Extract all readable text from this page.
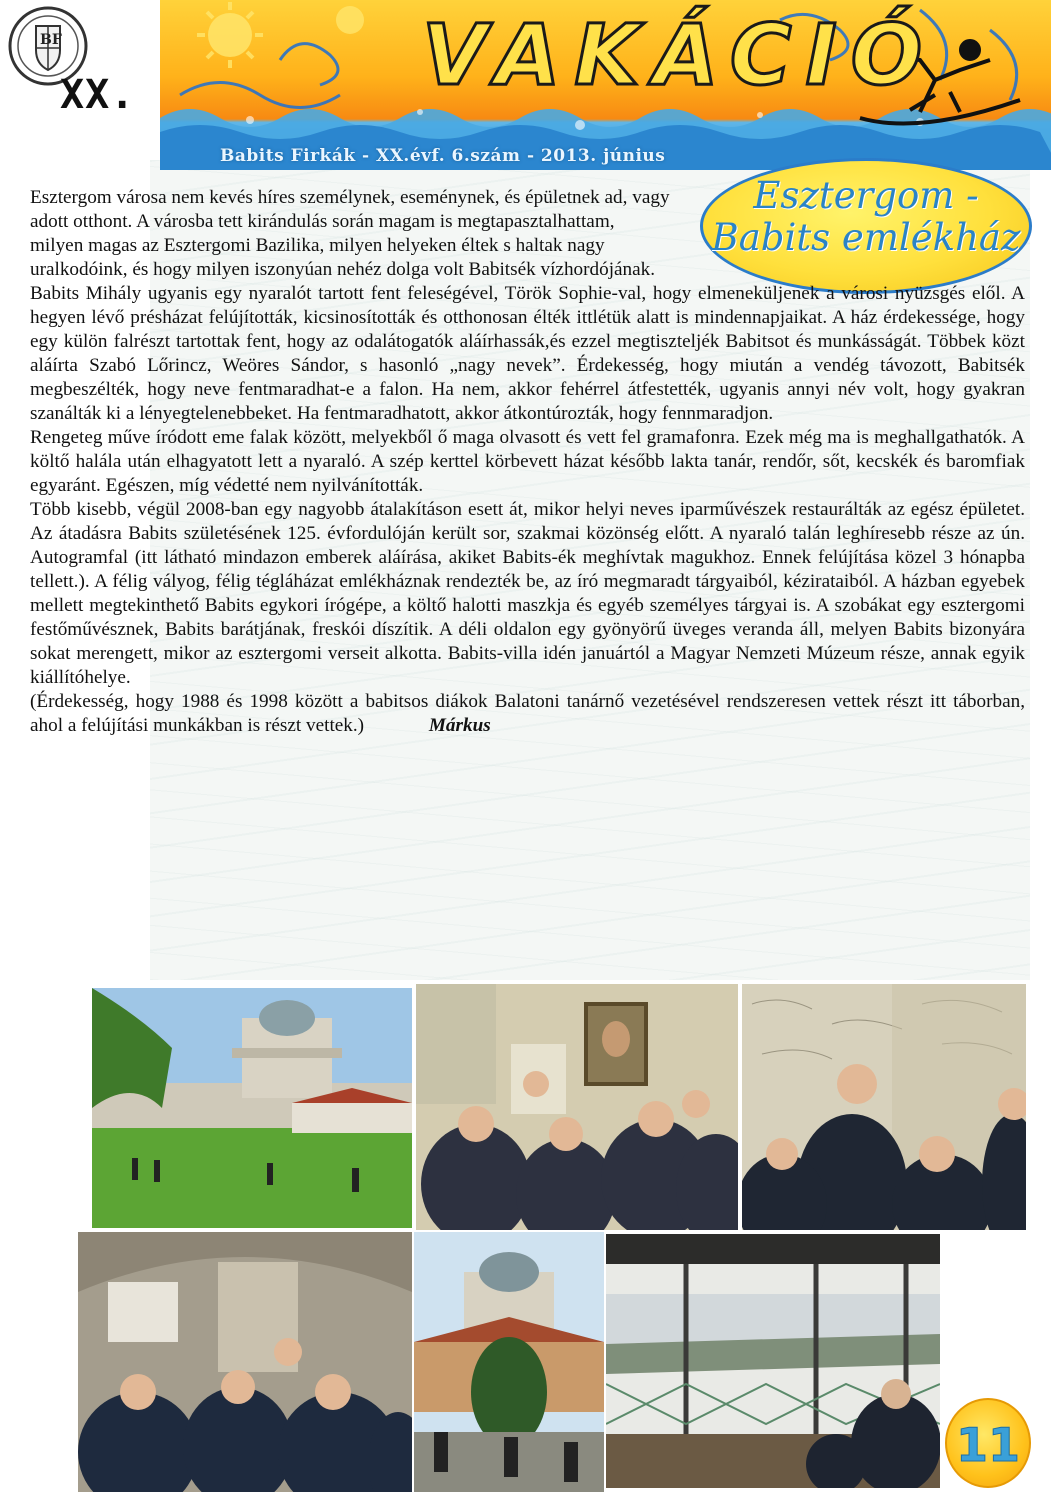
BF
XX.	VAKÁCIÓ
Babits Firkák - XX.évf. 6.szám - 2013. június
Esztergom -
Babits emlékház

Esztergom városa nem kevés híres személynek, eseménynek, és épületnek ad, vagy adott otthont. A városba tett kirándulás során magam is megtapasztalhattam, milyen magas az Esztergomi Bazilika, milyen helyeken éltek s haltak nagy uralkodóink, és hogy milyen iszonyúan nehéz dolga volt Babitsék vízhordójának.

Babits Mihály ugyanis egy nyaralót tartott fent feleségével, Török Sophie-val, hogy elmeneküljenek a városi nyüzsgés elől. A hegyen lévő présházat felújították, kicsinosították és otthonosan élték ittlétük alatt is mindennapjaikat. A ház érdekessége, hogy egy külön falrészt tartottak fent, hogy az odalátogatók aláírhassák,és ezzel megtiszteljék Babitsot és munkásságát. Többek közt aláírta Szabó Lőrincz, Weöres Sándor, s hasonló „nagy nevek”. Érdekesség, hogy miután a vendég távozott, Babitsék megbeszélték, hogy neve fentmaradhat-e a falon. Ha nem, akkor fehérrel átfestették, ugyanis annyi név volt, hogy gyakran szanálták ki a lényegtelenebbeket. Ha fentmaradhatott, akkor átkontúrozták, hogy fennmaradjon.

Rengeteg műve íródott eme falak között, melyekből ő maga olvasott és vett fel gramafonra. Ezek még ma is meghallgathatók. A költő halála után elhagyatott lett a nyaraló. A szép kerttel körbevett házat később lakta tanár, rendőr, sőt, kecskék és baromfiak egyaránt. Egészen, míg védetté nem nyilvánították.

Több kisebb, végül 2008-ban egy nagyobb átalakításon esett át, mikor helyi neves iparművészek restaurálták az egész épületet. Az átadásra Babits születésének 125. évfordulóján került sor, szakmai közönség előtt. A nyaraló talán leghíresebb része az ún. Autogramfal (itt látható mindazon emberek aláírása, akiket Babits-ék meghívtak magukhoz. Ennek felújítása közel 3 hónapba tellett.). A félig vályog, félig tégláházat emlékháznak rendezték be, az író megmaradt tárgyaiból, kézirataiból. A házban egyebek mellett megtekinthető Babits egykori írógépe, a költő halotti maszkja és egyéb személyes tárgyai is. A szobákat egy esztergomi festőművésznek, Babits barátjának, freskói díszítik. A déli oldalon egy gyönyörű üveges veranda áll, melyen Babits bizonyára sokat merengett, mikor az esztergomi verseit alkotta. Babits-villa idén januártól a Magyar Nemzeti Múzeum része, annak egyik kiállítóhelye.

(Érdekesség, hogy 1988 és 1998 között a babitsos diákok Balatoni tanárnő vezetésével rendszeresen vettek részt itt táborban, ahol a felújítási munkákban is részt vettek.)	Márkus

11
